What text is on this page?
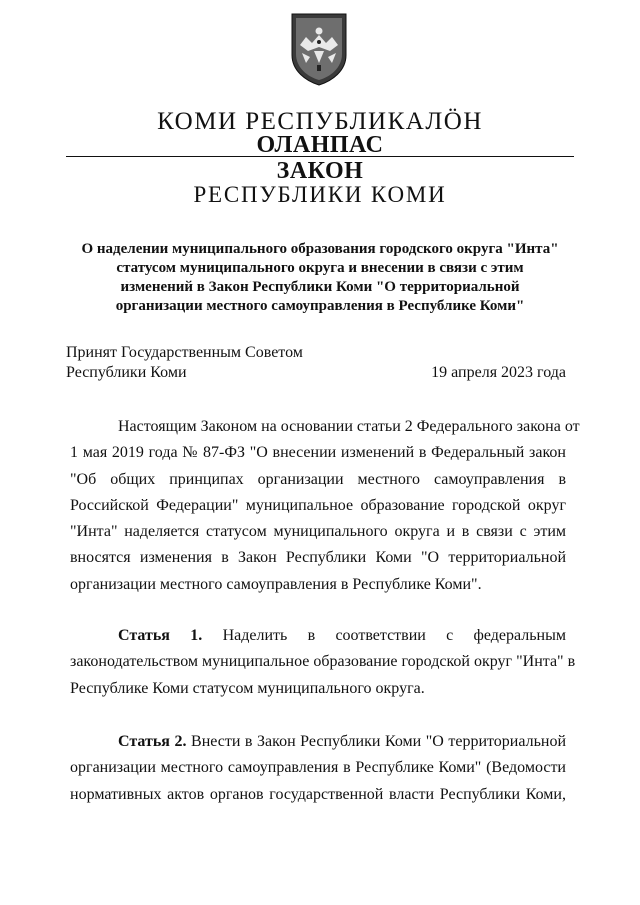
КОМИ РЕСПУБЛИКАЛÖН
ОЛАНПАС
ЗАКОН
РЕСПУБЛИКИ КОМИ
О наделении муниципального образования городского округа "Инта"
статусом муниципального округа и внесении в связи с этим
изменений в Закон Республики Коми "О территориальной
организации местного самоуправления в Республике Коми"
Принят Государственным Советом
Республики Коми	19 апреля 2023 года
Настоящим Законом на основании статьи 2 Федерального закона от
1 мая 2019 года № 87-ФЗ "О внесении изменений в Федеральный закон
"Об общих принципах организации местного самоуправления в
Российской Федерации" муниципальное образование городской округ
"Инта" наделяется статусом муниципального округа и в связи с этим
вносятся изменения в Закон Республики Коми "О территориальной
организации местного самоуправления в Республике Коми".
Статья 1. Наделить в соответствии с федеральным
законодательством муниципальное образование городской округ "Инта" в
Республике Коми статусом муниципального округа.
Статья 2. Внести в Закон Республики Коми "О территориальной
организации местного самоуправления в Республике Коми" (Ведомости
нормативных актов органов государственной власти Республики Коми,
